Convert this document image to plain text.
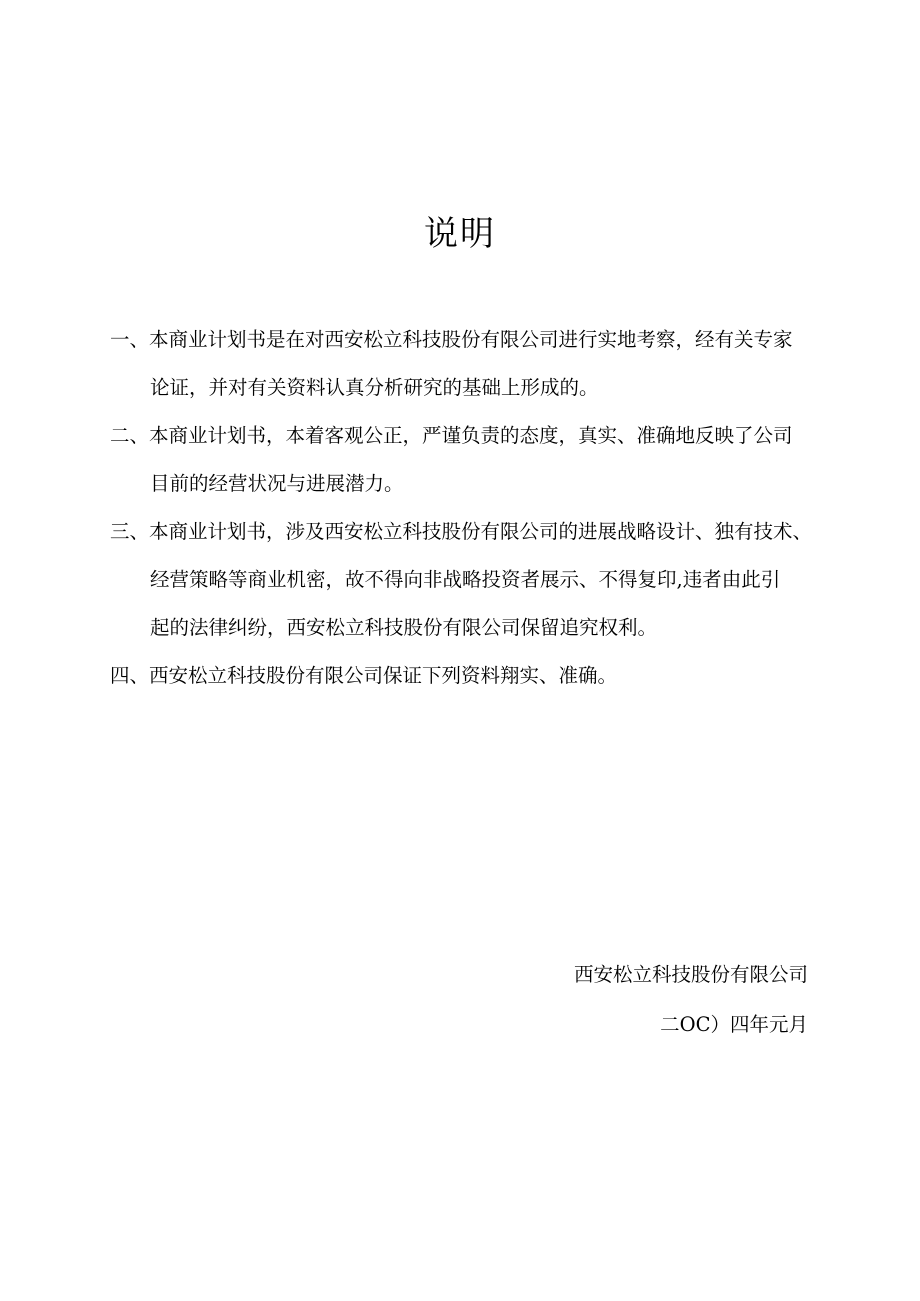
说明
一、本商业计划书是在对西安松立科技股份有限公司进行实地考察，经有关专家
论证，并对有关资料认真分析研究的基础上形成的。
二、本商业计划书，本着客观公正，严谨负责的态度，真实、准确地反映了公司
目前的经营状况与进展潜力。
三、本商业计划书，涉及西安松立科技股份有限公司的进展战略设计、独有技术、
经营策略等商业机密，故不得向非战略投资者展示、不得复印,违者由此引
起的法律纠纷，西安松立科技股份有限公司保留追究权利。
四、西安松立科技股份有限公司保证下列资料翔实、准确。
西安松立科技股份有限公司
二OC）四年元月
